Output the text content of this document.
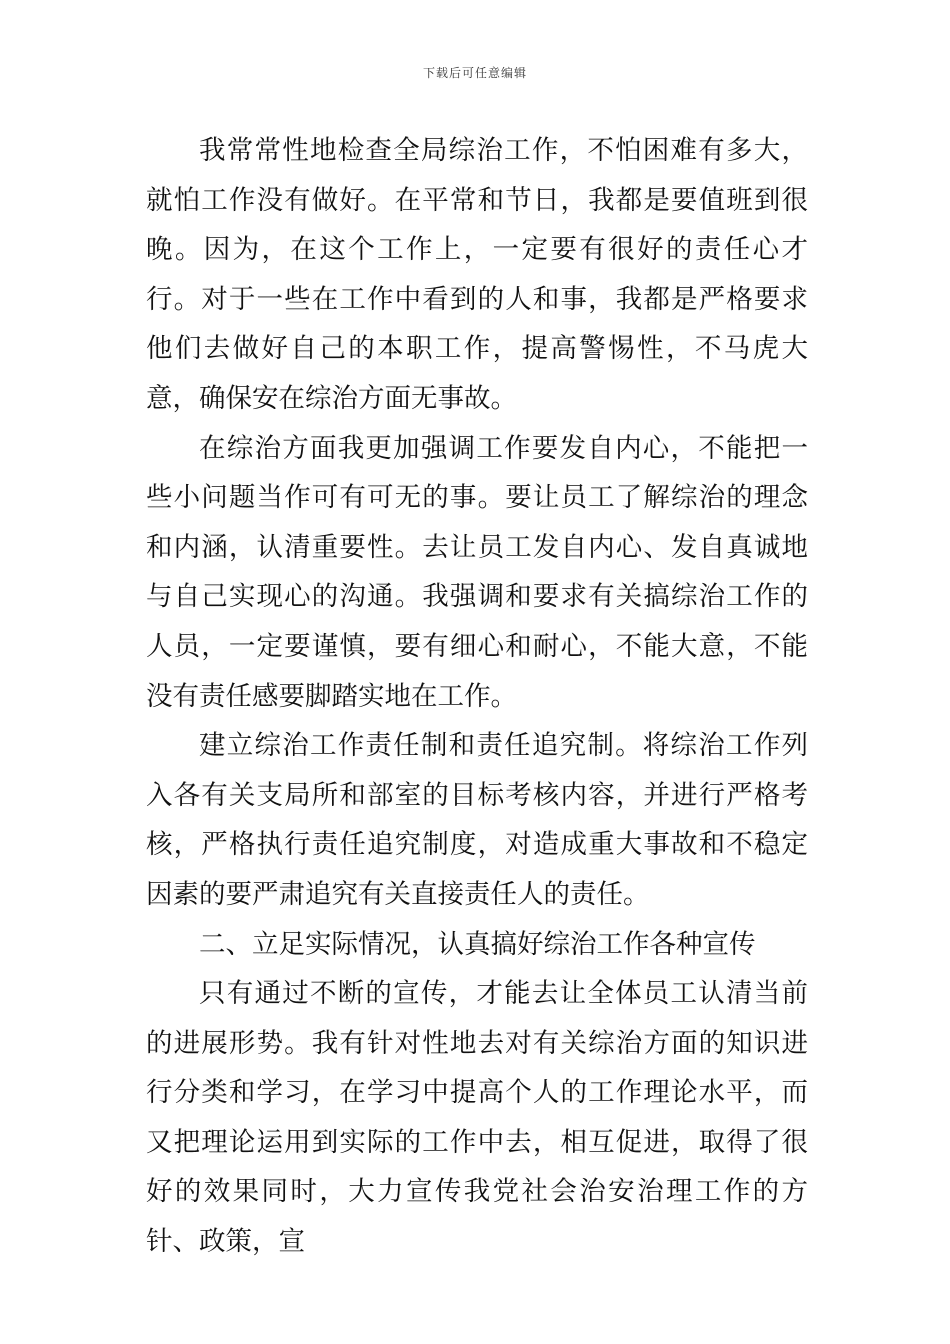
下载后可任意编辑

我常常性地检查全局综治工作，不怕困难有多大，就怕工作没有做好。在平常和节日，我都是要值班到很晚。因为，在这个工作上，一定要有很好的责任心才行。对于一些在工作中看到的人和事，我都是严格要求他们去做好自己的本职工作，提高警惕性，不马虎大意，确保安在综治方面无事故。

在综治方面我更加强调工作要发自内心，不能把一些小问题当作可有可无的事。要让员工了解综治的理念和内涵，认清重要性。去让员工发自内心、发自真诚地与自己实现心的沟通。我强调和要求有关搞综治工作的人员，一定要谨慎，要有细心和耐心，不能大意，不能没有责任感要脚踏实地在工作。

建立综治工作责任制和责任追究制。将综治工作列入各有关支局所和部室的目标考核内容，并进行严格考核，严格执行责任追究制度，对造成重大事故和不稳定因素的要严肃追究有关直接责任人的责任。

二、立足实际情况，认真搞好综治工作各种宣传

只有通过不断的宣传，才能去让全体员工认清当前的进展形势。我有针对性地去对有关综治方面的知识进行分类和学习，在学习中提高个人的工作理论水平，而又把理论运用到实际的工作中去，相互促进，取得了很好的效果同时，大力宣传我党社会治安治理工作的方针、政策，宣
